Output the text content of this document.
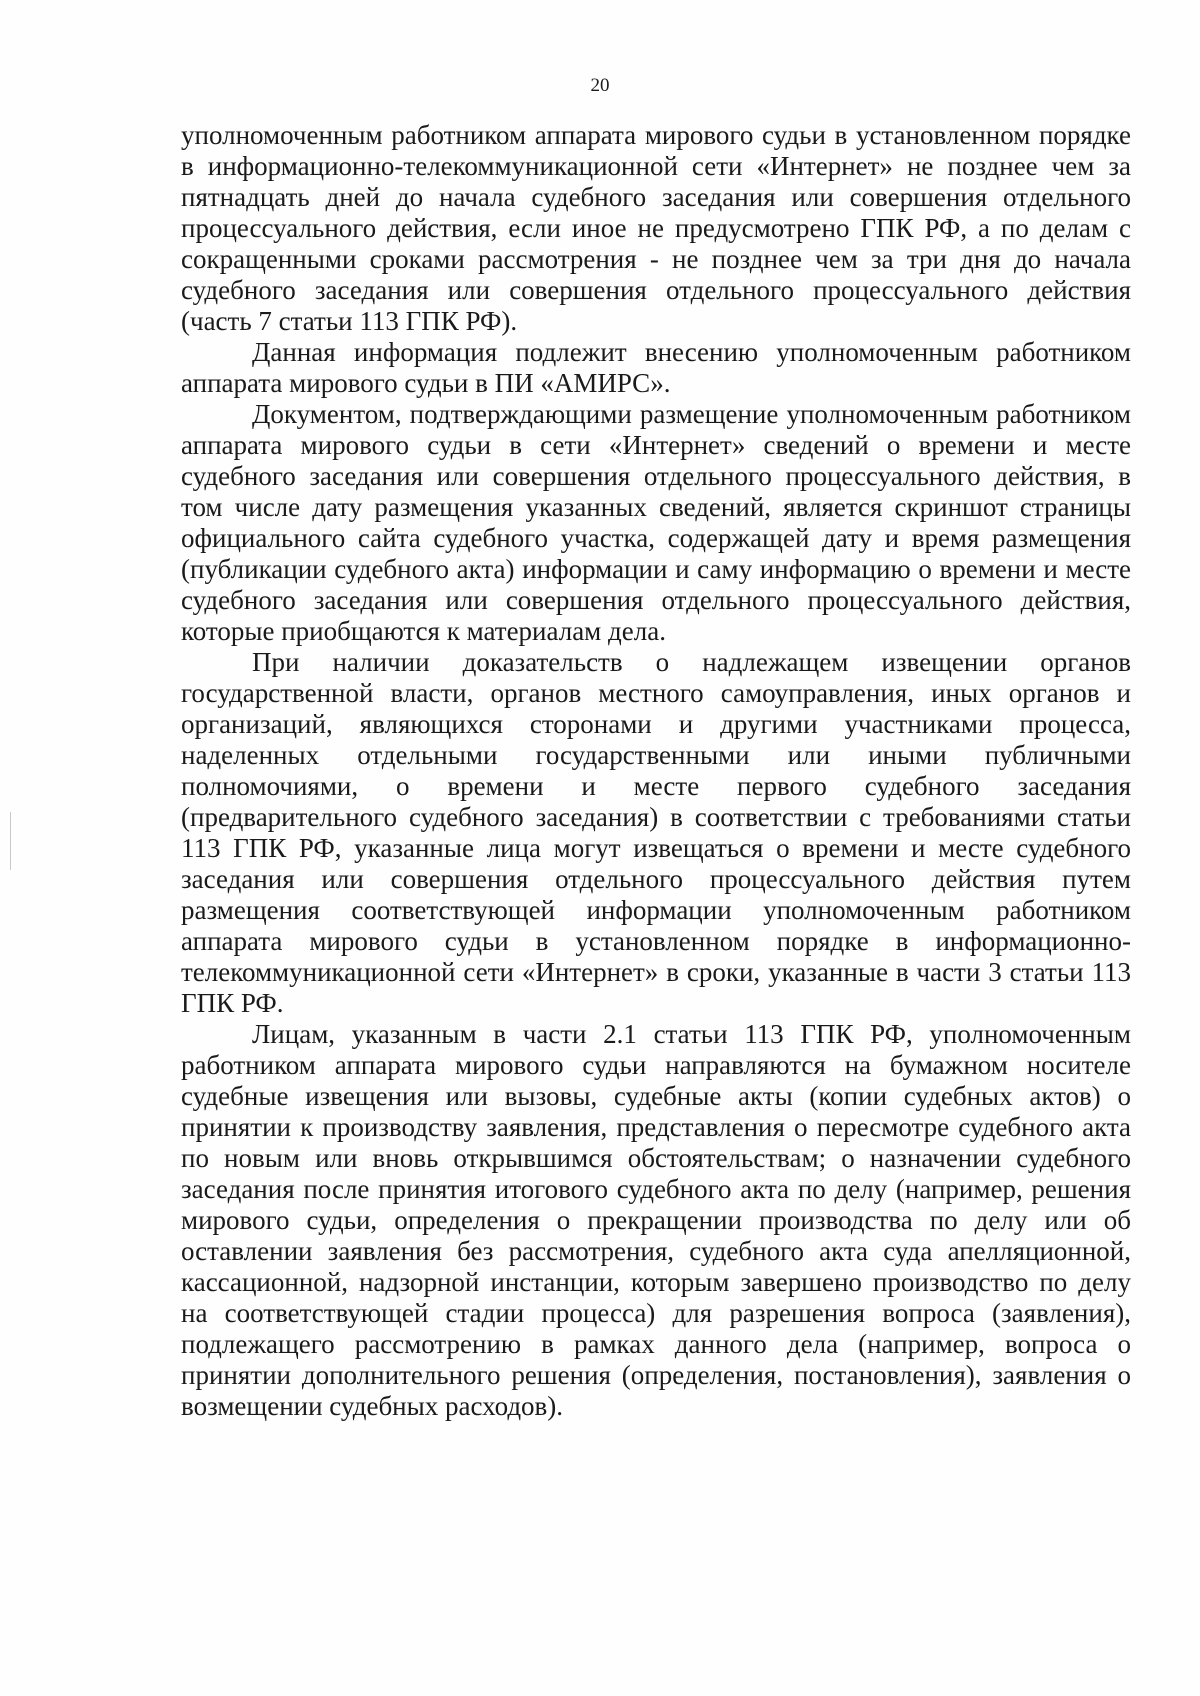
20

уполномоченным работником аппарата мирового судьи в установленном порядке в информационно-телекоммуникационной сети «Интернет» не позднее чем за пятнадцать дней до начала судебного заседания или совершения отдельного процессуального действия, если иное не предусмотрено ГПК РФ, а по делам с сокращенными сроками рассмотрения - не позднее чем за три дня до начала судебного заседания или совершения отдельного процессуального действия (часть 7 статьи 113 ГПК РФ).

Данная информация подлежит внесению уполномоченным работником аппарата мирового судьи в ПИ «АМИРС».

Документом, подтверждающими размещение уполномоченным работником аппарата мирового судьи в сети «Интернет» сведений о времени и месте судебного заседания или совершения отдельного процессуального действия, в том числе дату размещения указанных сведений, является скриншот страницы официального сайта судебного участка, содержащей дату и время размещения (публикации судебного акта) информации и саму информацию о времени и месте судебного заседания или совершения отдельного процессуального действия, которые приобщаются к материалам дела.

При наличии доказательств о надлежащем извещении органов государственной власти, органов местного самоуправления, иных органов и организаций, являющихся сторонами и другими участниками процесса, наделенных отдельными государственными или иными публичными полномочиями, о времени и месте первого судебного заседания (предварительного судебного заседания) в соответствии с требованиями статьи 113 ГПК РФ, указанные лица могут извещаться о времени и месте судебного заседания или совершения отдельного процессуального действия путем размещения соответствующей информации уполномоченным работником аппарата мирового судьи в установленном порядке в информационно-телекоммуникационной сети «Интернет» в сроки, указанные в части 3 статьи 113 ГПК РФ.

Лицам, указанным в части 2.1 статьи 113 ГПК РФ, уполномоченным работником аппарата мирового судьи направляются на бумажном носителе судебные извещения или вызовы, судебные акты (копии судебных актов) о принятии к производству заявления, представления о пересмотре судебного акта по новым или вновь открывшимся обстоятельствам; о назначении судебного заседания после принятия итогового судебного акта по делу (например, решения мирового судьи, определения о прекращении производства по делу или об оставлении заявления без рассмотрения, судебного акта суда апелляционной, кассационной, надзорной инстанции, которым завершено производство по делу на соответствующей стадии процесса) для разрешения вопроса (заявления), подлежащего рассмотрению в рамках данного дела (например, вопроса о принятии дополнительного решения (определения, постановления), заявления о возмещении судебных расходов).
